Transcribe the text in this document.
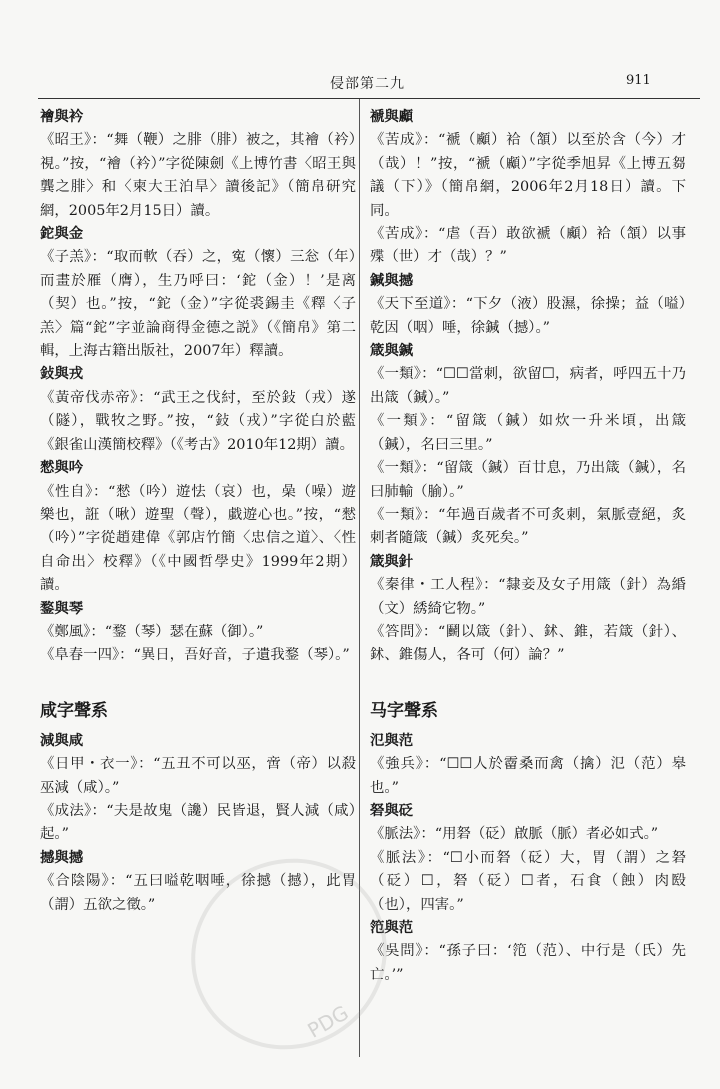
侵部第二九	911
襘與衿
《昭王》：“舞（鞭）之腓（腓）被之，其襘（衿）視。”按，“襘（衿）”字從陳劍《上博竹書〈昭王與龔之腓〉和〈柬大王泊旱〉讀後記》（簡帛研究網，2005年2月15日）讀。
鉈與金
《子羔》：“取而軟（吞）之，寃（懷）三忩（年）而畫於雁（膺），生乃呼曰：‘鉈（金）！’是离（契）也。”按，“鉈（金）”字從裘錫圭《釋〈子羔〉篇“鉈”字並論商得金德之説》（《簡帛》第二輯，上海古籍出版社，2007年）釋讀。
鈙與戎
《黃帝伐赤帝》：“武王之伐紂，至於鈙（戎）遂（隧），戰牧之野。”按，“鈙（戎）”字從白於藍《銀雀山漢簡校釋》（《考古》2010年12期）讀。
憖與吟
《性自》：“憖（吟）遊怯（哀）也，喿（噪）遊樂也，誑（啾）遊聖（聲），戱遊心也。”按，“憖（吟）”字從趙建偉《郭店竹簡〈忠信之道〉、〈性自命出〉校釋》（《中國哲學史》1999年2期）讀。
鍪與琴
《鄭風》：“鍪（琴）瑟在蘇（御）。”
《阜春一四》：“異日，吾好音，子遺我鍪（琴）。”
咸字聲系
減與咸
《日甲・衣一》：“五丑不可以巫，啻（帝）以殺巫減（咸）。”
《成法》：“夫是故鬼（讒）民皆退，賢人減（咸）起。”
撼與撼
《合陰陽》：“五曰嗌乾咽唾，徐撼（撼），此胃（謂）五欲之徵。”
褫與顣
《苦成》：“褫（顣）袷（頷）以至於含（今）才（哉）！”按，“褫（顣）”字從季旭昇《上博五芻議（下）》（簡帛網，2006年2月18日）讀。下同。
《苦成》：“虐（吾）敢欲褫（顣）袷（頷）以事殜（世）才（哉）？”
鍼與撼
《天下至道》：“下夕（液）股濕，徐操；益（嗌）乾因（咽）唾，徐鍼（撼）。”
箴與鍼
《一類》：“☐☐當刺，欲留☐，病者，呼四五十乃出箴（鍼）。”
《一類》：“留箴（鍼）如炊一升米頃，出箴（鍼），名曰三里。”
《一類》：“留箴（鍼）百廿息，乃出箴（鍼），名曰肺輸（腧）。”
《一類》：“年過百歲者不可炙刺，氣脈壹絕，炙刺者隨箴（鍼）炙死矣。”
箴與針
《秦律・工人程》：“隸妾及女子用箴（針）為緍（文）綉綺它物。”
《答問》：“鬬以箴（針）、鉥、錐，若箴（針）、鉥、錐傷人，各可（何）論？”
马字聲系
氾與范
《強兵》：“☐☐人於霤桑而禽（擒）氾（范）皋也。”
砮與砭
《脈法》：“用砮（砭）啟脈（脈）者必如式。”
《脈法》：“☐小而砮（砭）大，胃（謂）之砮（砭）☐，砮（砭）☐者，石食（蝕）肉殹（也），四害。”
笵與范
《吳問》：“孫子曰：‘笵（范）、中行是（氏）先亡。’”
PDG
